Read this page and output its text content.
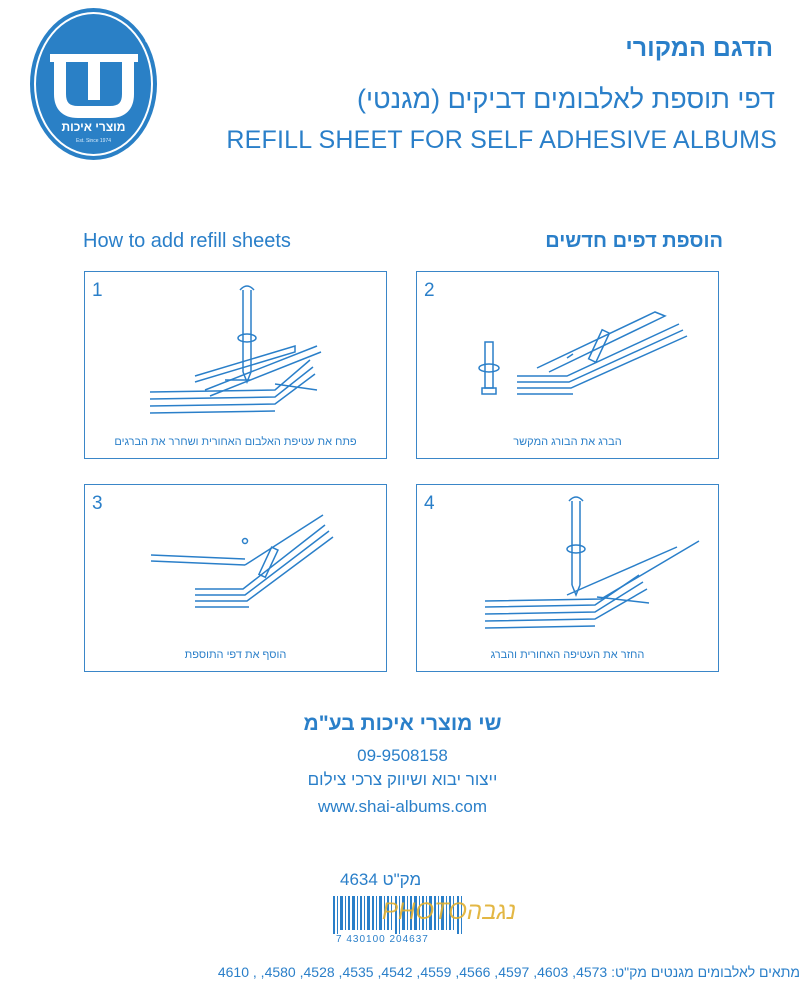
®
מוצרי איכות
Est. Since 1974
הדגם המקורי
דפי תוספת לאלבומים דביקים (מגנטי)
REFILL SHEET FOR SELF ADHESIVE ALBUMS
How to add refill sheets	הוספת דפים חדשים
1
פתח את עטיפת האלבום האחורית ושחרר את הברגים
2
הברג את הבורג המקשר
3
הוסף את דפי התוספת
4
החזר את העטיפה האחורית והברג
שי מוצרי איכות בע"מ
09-9508158
ייצור יבוא ושיווק צרכי צילום
www.shai-albums.com
מק"ט 4634
7 430100 204637
נגבהPHOTO
מתאים לאלבומים מגנטים מק"ט: 4573, 4603, 4597, 4566, 4559, 4542, 4535, 4528, 4580, , 4610
